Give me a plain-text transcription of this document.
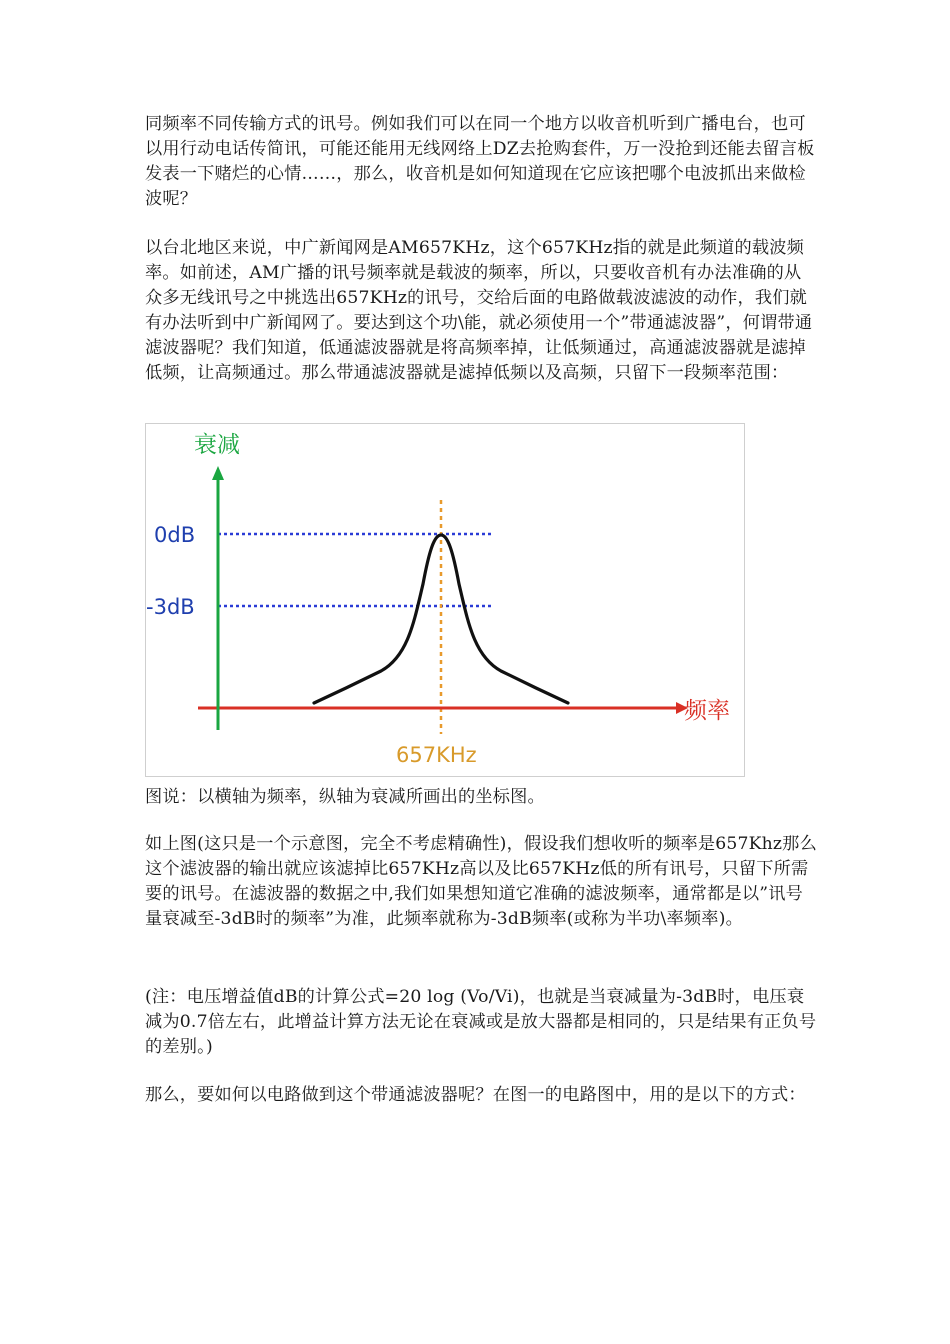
同频率不同传输方式的讯号。例如我们可以在同一个地方以收音机听到广播电台，也可以用行动电话传简讯，可能还能用无线网络上DZ去抢购套件，万一没抢到还能去留言板发表一下赌烂的心情……，那么，收音机是如何知道现在它应该把哪个电波抓出来做检波呢？

以台北地区来说，中广新闻网是AM657KHz，这个657KHz指的就是此频道的载波频率。如前述，AM广播的讯号频率就是载波的频率，所以，只要收音机有办法准确的从众多无线讯号之中挑选出657KHz的讯号，交给后面的电路做载波滤波的动作，我们就有办法听到中广新闻网了。要达到这个功\能，就必须使用一个”带通滤波器”，何谓带通滤波器呢？我们知道，低通滤波器就是将高频率掉，让低频通过，高通滤波器就是滤掉低频，让高频通过。那么带通滤波器就是滤掉低频以及高频，只留下一段频率范围：

衰减
频率
0dB
-3dB
657KHz

图说：以横轴为频率，纵轴为衰减所画出的坐标图。

如上图(这只是一个示意图，完全不考虑精确性)，假设我们想收听的频率是657Khz那么这个滤波器的输出就应该滤掉比657KHz高以及比657KHz低的所有讯号，只留下所需要的讯号。在滤波器的数据之中,我们如果想知道它准确的滤波频率，通常都是以”讯号量衰减至-3dB时的频率”为准，此频率就称为-3dB频率(或称为半功\率频率)。

(注：电压增益值dB的计算公式=20 log (Vo/Vi)，也就是当衰减量为-3dB时，电压衰减为0.7倍左右，此增益计算方法无论在衰减或是放大器都是相同的，只是结果有正负号的差别。)

那么，要如何以电路做到这个带通滤波器呢？在图一的电路图中，用的是以下的方式：
